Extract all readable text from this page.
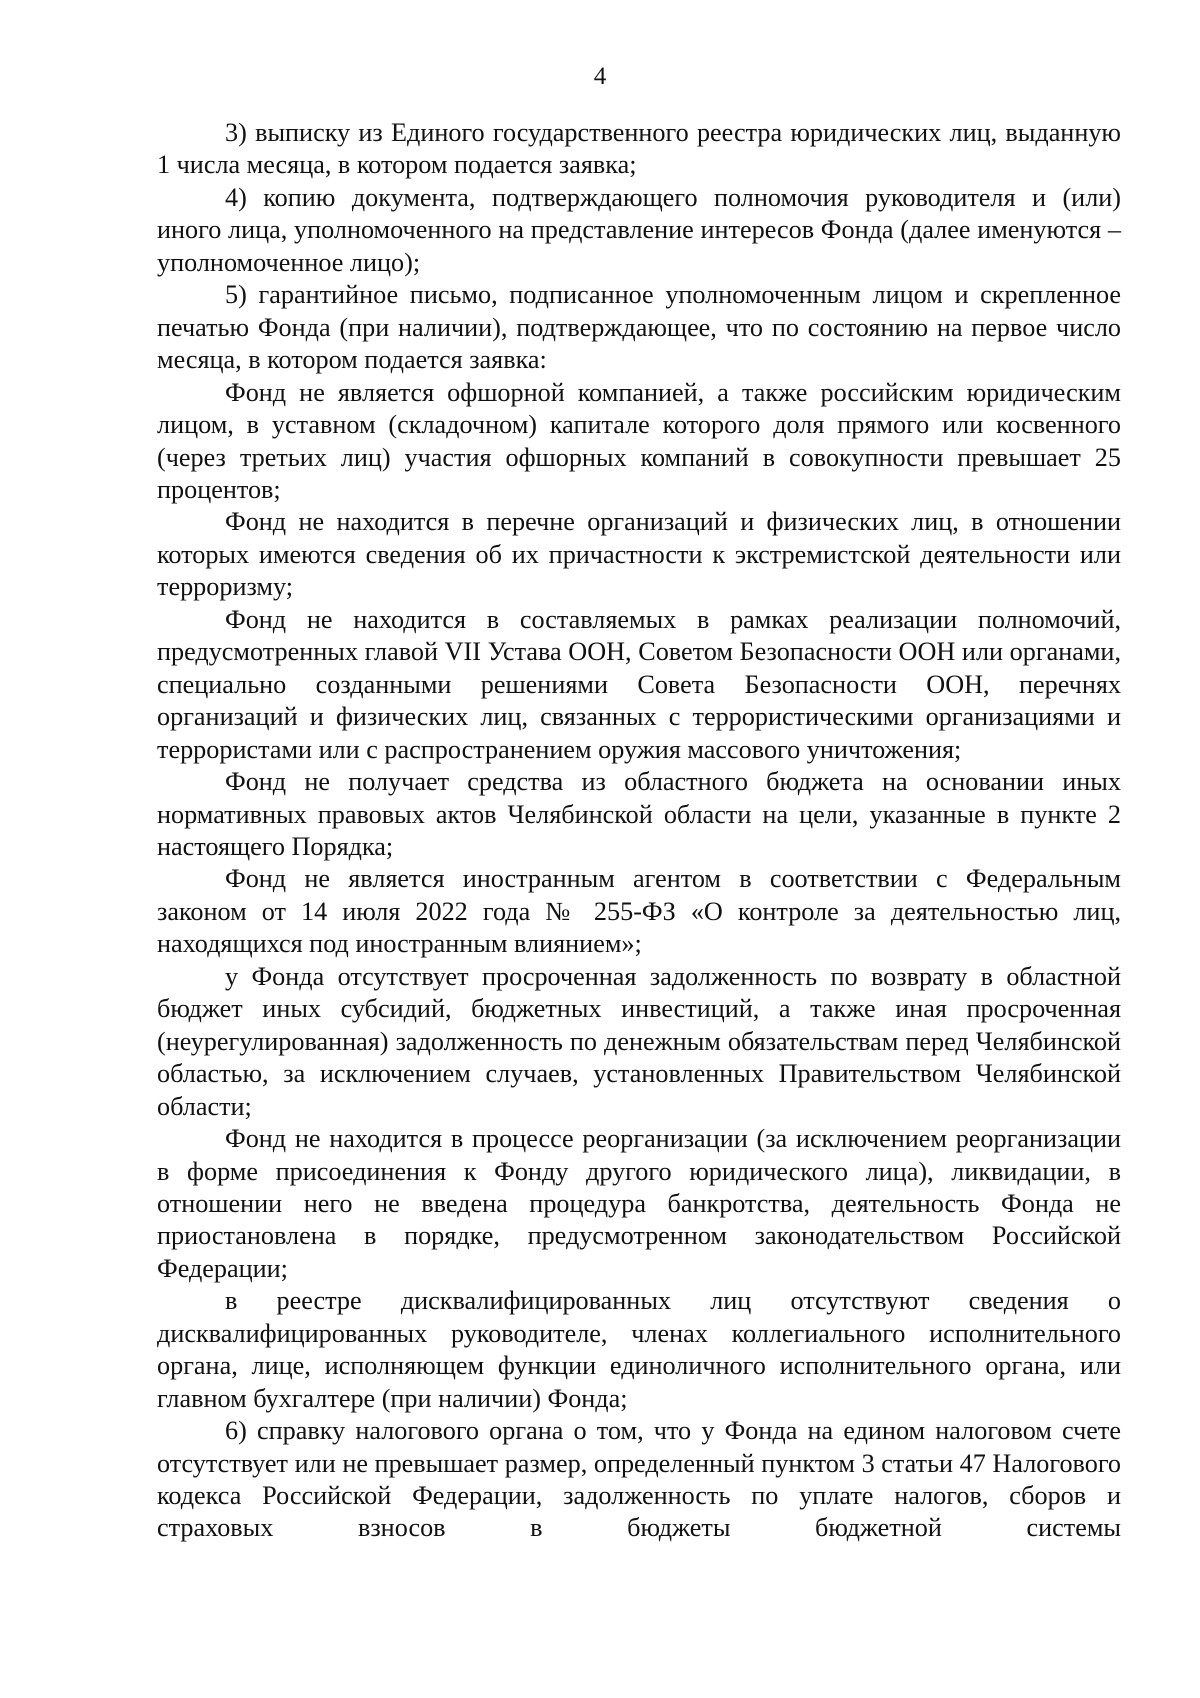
4

3) выписку из Единого государственного реестра юридических лиц, выданную 1 числа месяца, в котором подается заявка;

4) копию документа, подтверждающего полномочия руководителя и (или) иного лица, уполномоченного на представление интересов Фонда (далее именуются – уполномоченное лицо);

5) гарантийное письмо, подписанное уполномоченным лицом и скрепленное печатью Фонда (при наличии), подтверждающее, что по состоянию на первое число месяца, в котором подается заявка:

Фонд не является офшорной компанией, а также российским юридическим лицом, в уставном (складочном) капитале которого доля прямого или косвенного (через третьих лиц) участия офшорных компаний в совокупности превышает 25 процентов;

Фонд не находится в перечне организаций и физических лиц, в отношении которых имеются сведения об их причастности к экстремистской деятельности или терроризму;

Фонд не находится в составляемых в рамках реализации полномочий, предусмотренных главой VII Устава ООН, Советом Безопасности ООН или органами, специально созданными решениями Совета Безопасности ООН, перечнях организаций и физических лиц, связанных с террористическими организациями и террористами или с распространением оружия массового уничтожения;

Фонд не получает средства из областного бюджета на основании иных нормативных правовых актов Челябинской области на цели, указанные в пункте 2 настоящего Порядка;

Фонд не является иностранным агентом в соответствии с Федеральным законом от 14 июля 2022 года № 255-ФЗ «О контроле за деятельностью лиц, находящихся под иностранным влиянием»;

у Фонда отсутствует просроченная задолженность по возврату в областной бюджет иных субсидий, бюджетных инвестиций, а также иная просроченная (неурегулированная) задолженность по денежным обязательствам перед Челябинской областью, за исключением случаев, установленных Правительством Челябинской области;

Фонд не находится в процессе реорганизации (за исключением реорганизации в форме присоединения к Фонду другого юридического лица), ликвидации, в отношении него не введена процедура банкротства, деятельность Фонда не приостановлена в порядке, предусмотренном законодательством Российской Федерации;

в реестре дисквалифицированных лиц отсутствуют сведения о дисквалифицированных руководителе, членах коллегиального исполнительного органа, лице, исполняющем функции единоличного исполнительного органа, или главном бухгалтере (при наличии) Фонда;

6) справку налогового органа о том, что у Фонда на едином налоговом счете отсутствует или не превышает размер, определенный пунктом 3 статьи 47 Налогового кодекса Российской Федерации, задолженность по уплате налогов, сборов и страховых взносов в бюджеты бюджетной системы
